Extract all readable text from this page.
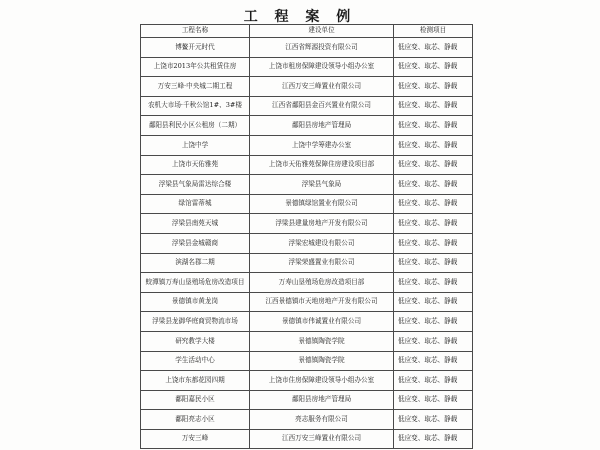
工 程 案 例
工程名称	建设单位	检测项目
博鳌开元时代	江西省辉源投资有限公司	低应变、取芯、静载
上饶市2013年公共租赁住房	上饶市租房保障建设领导小组办公室	低应变、取芯、静载
万安三峰·中央城二期工程	江西万安三峰置业有限公司	低应变、取芯、静载
农机大市场·千秋公馆1#、3#楼	江西省鄱阳县金百兴置业有限公司	低应变、取芯、静载
鄱阳县利民小区公租房（二期）	鄱阳县房地产管理局	低应变、取芯、静载
上饶中学	上饶中学筹建办公室	低应变、取芯、静载
上饶市天佑雅苑	上饶市天佑雅苑保障住房建设项目部	低应变、取芯、静载
浮梁县气象局雷达综合楼	浮梁县气象局	低应变、取芯、静载
绿馆雷蒂城	景德镇绿馆置业有限公司	低应变、取芯、静载
浮梁县南苑天城	浮梁县建量房地产开发有限公司	低应变、取芯、静载
浮梁县金城赣商	浮梁宏城建设有限公司	低应变、取芯、静载
滨湖名郡二期	浮梁荣盛置业有限公司	低应变、取芯、静载
蛟潭镇万寿山垦殖场危房改造项目	万寿山垦殖场危房改造项目部	低应变、取芯、静载
景德镇市黄龙岗	江西景德镇市天地房地产开发有限公司	低应变、取芯、静载
浮梁县龙御华庭商贸物流市场	景德镇市伟诚置业有限公司	低应变、取芯、静载
研究教学大楼	景德镇陶瓷学院	低应变、取芯、静载
学生活动中心	景德镇陶瓷学院	低应变、取芯、静载
上饶市东都花园四期	上饶市住房保障建设领导小组办公室	低应变、取芯、静载
鄱阳嘉民小区	鄱阳县房地产管理局	低应变、取芯、静载
鄱阳亮志小区	亮志服务有限公司	低应变、取芯、静载
万安三峰	江西万安三峰置业有限公司	低应变、取芯、静载
